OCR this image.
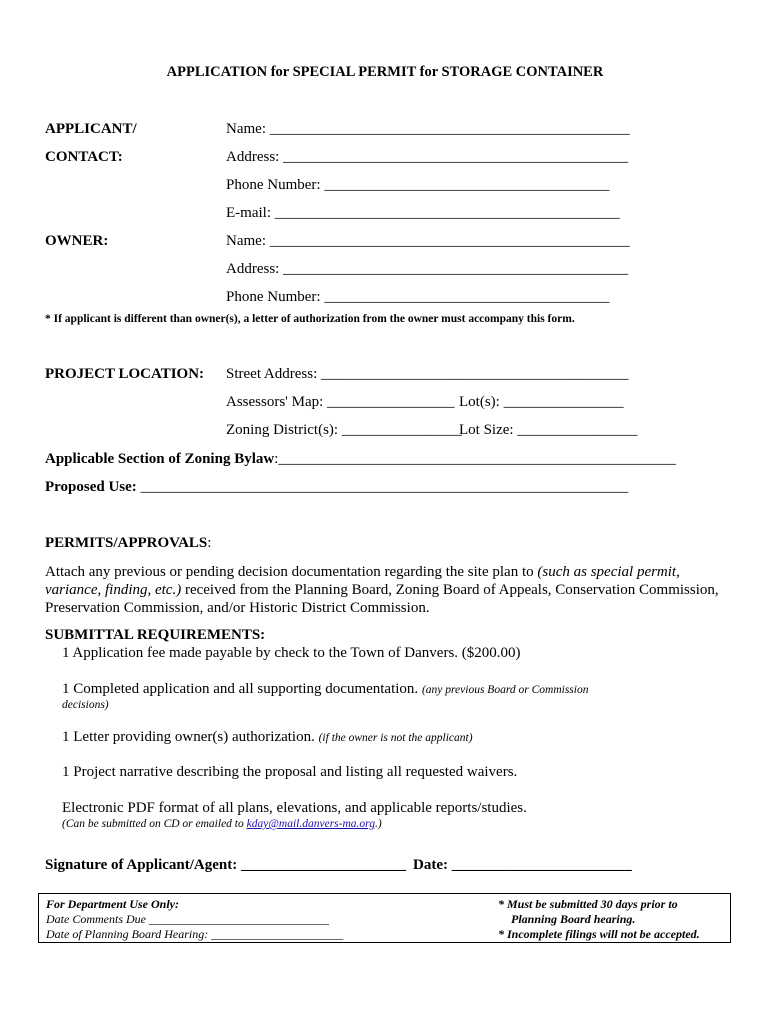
APPLICATION for SPECIAL PERMIT for STORAGE CONTAINER
APPLICANT/
CONTACT:
Name: ________________________________________________
Address: ______________________________________________
Phone Number: ______________________________________
E-mail: ______________________________________________
OWNER:	Name: ________________________________________________
Address: ______________________________________________
Phone Number: ______________________________________
* If applicant is different than owner(s), a letter of authorization from the owner must accompany this form.
PROJECT LOCATION: Street Address: _________________________________________
Assessors' Map: _________________ Lot(s): ________________
Zoning District(s): ________________
Lot Size: ________________
Applicable Section of Zoning Bylaw:_____________________________________________________
Proposed Use: _________________________________________________________________
PERMITS/APPROVALS:
Attach any previous or pending decision documentation regarding the site plan to (such as special permit, variance, finding, etc.) received from the Planning Board, Zoning Board of Appeals, Conservation Commission, Preservation Commission, and/or Historic District Commission.
SUBMITTAL REQUIREMENTS:
1 Application fee made payable by check to the Town of Danvers. ($200.00)
1 Completed application and all supporting documentation. (any previous Board or Commission
decisions)
1 Letter providing owner(s) authorization. (if the owner is not the applicant)
1 Project narrative describing the proposal and listing all requested waivers.
Electronic PDF format of all plans, elevations, and applicable reports/studies.
(Can be submitted on CD or emailed to kday@mail.danvers-ma.org.)
Signature of Applicant/Agent: ______________________ Date: ________________________
For Department Use Only:
Date Comments Due ______________________________
Date of Planning Board Hearing: ______________________
* Must be submitted 30 days prior to
Planning Board hearing.
* Incomplete filings will not be accepted.
